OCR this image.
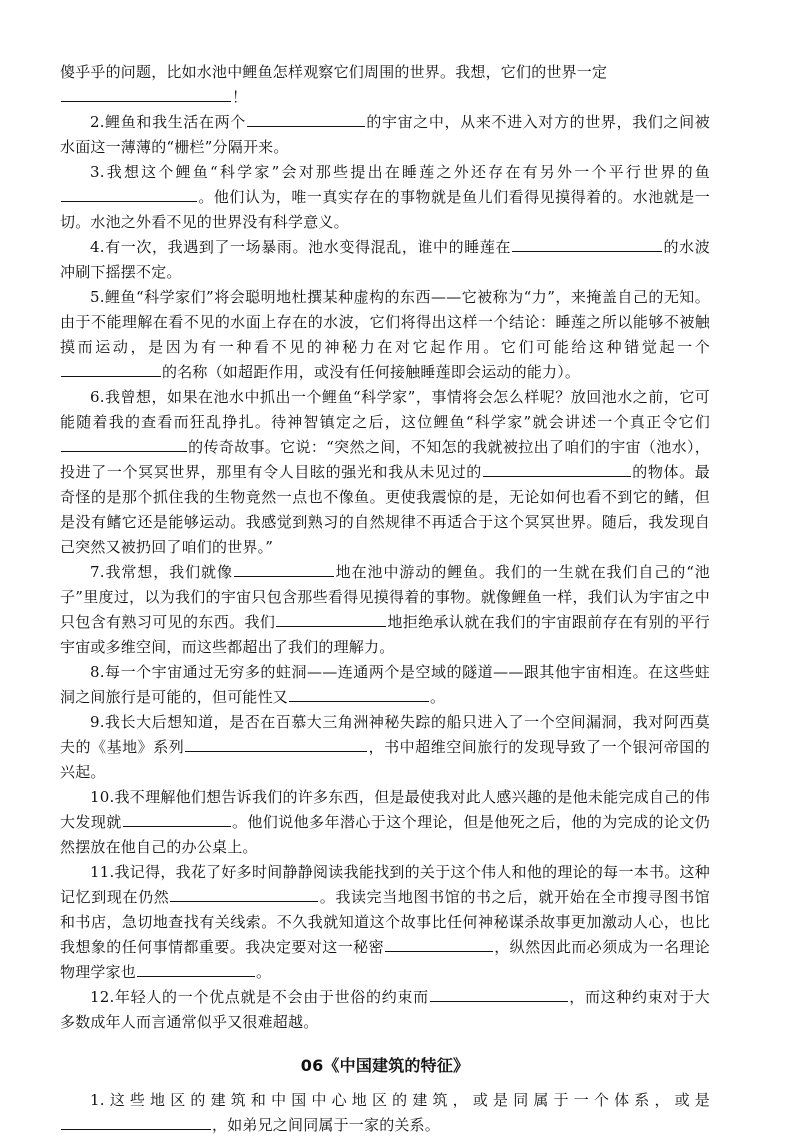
傻乎乎的问题，比如水池中鲤鱼怎样观察它们周围的世界。我想，它们的世界一定
！

2.鲤鱼和我生活在两个	的宇宙之中，从来不进入对方的世界，我们之间被水面这一薄薄的“栅栏”分隔开来。

3.我想这个鲤鱼“科学家”会对那些提出在睡莲之外还存在有另外一个平行世界的鱼。他们认为，唯一真实存在的事物就是鱼儿们看得见摸得着的。水池就是一切。水池之外看不见的世界没有科学意义。

4.有一次，我遇到了一场暴雨。池水变得混乱，谁中的睡莲在	的水波冲刷下摇摆不定。

5.鲤鱼“科学家们”将会聪明地杜撰某种虚构的东西——它被称为“力”，来掩盖自己的无知。由于不能理解在看不见的水面上存在的水波，它们将得出这样一个结论：睡莲之所以能够不被触摸而运动，是因为有一种看不见的神秘力在对它起作用。它们可能给这种错觉起一个的名称（如超距作用，或没有任何接触睡莲即会运动的能力）。

6.我曾想，如果在池水中抓出一个鲤鱼“科学家”，事情将会怎么样呢？放回池水之前，它可能随着我的查看而狂乱挣扎。待神智镇定之后，这位鲤鱼“科学家”就会讲述一个真正令它们的传奇故事。它说：“突然之间，不知怎的我就被拉出了咱们的宇宙（池水），投进了一个冥冥世界，那里有令人目眩的强光和我从未见过的	的物体。最奇怪的是那个抓住我的生物竟然一点也不像鱼。更使我震惊的是，无论如何也看不到它的鳍，但是没有鳍它还是能够运动。我感觉到熟习的自然规律不再适合于这个冥冥世界。随后，我发现自己突然又被扔回了咱们的世界。”

7.我常想，我们就像	地在池中游动的鲤鱼。我们的一生就在我们自己的“池子”里度过，以为我们的宇宙只包含那些看得见摸得着的事物。就像鲤鱼一样，我们认为宇宙之中只包含有熟习可见的东西。我们	地拒绝承认就在我们的宇宙跟前存在有别的平行宇宙或多维空间，而这些都超出了我们的理解力。

8.每一个宇宙通过无穷多的蛀洞——连通两个是空域的隧道——跟其他宇宙相连。在这些蛀洞之间旅行是可能的，但可能性又	。

9.我长大后想知道，是否在百慕大三角洲神秘失踪的船只进入了一个空间漏洞，我对阿西莫夫的《基地》系列	，书中超维空间旅行的发现导致了一个银河帝国的兴起。

10.我不理解他们想告诉我们的许多东西，但是最使我对此人感兴趣的是他未能完成自己的伟大发现就	。他们说他多年潜心于这个理论，但是他死之后，他的为完成的论文仍然摆放在他自己的办公桌上。

11.我记得，我花了好多时间静静阅读我能找到的关于这个伟人和他的理论的每一本书。这种记忆到现在仍然	。我读完当地图书馆的书之后，就开始在全市搜寻图书馆和书店，急切地查找有关线索。不久我就知道这个故事比任何神秘谋杀故事更加激动人心，也比我想象的任何事情都重要。我决定要对这一秘密	，纵然因此而必须成为一名理论物理学家也	。

12.年轻人的一个优点就是不会由于世俗的约束而	，而这种约束对于大多数成年人而言通常似乎又很难超越。

06《中国建筑的特征》

1.这些地区的建筑和中国中心地区的建筑，或是同属于一个体系，或是，如弟兄之间同属于一家的关系。
